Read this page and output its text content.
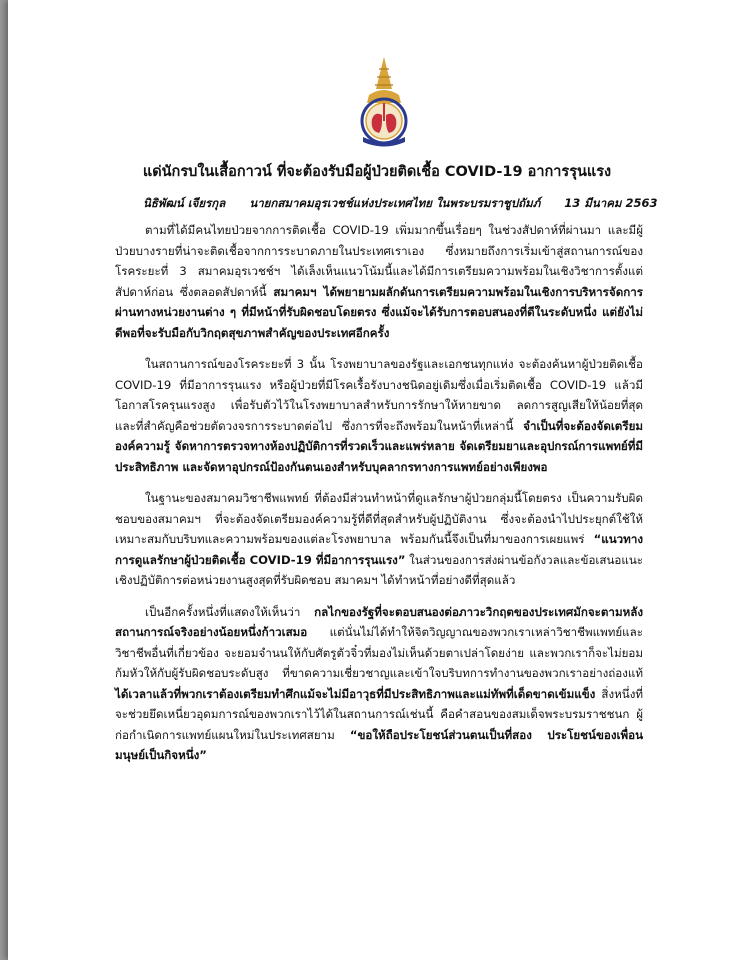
แด่นักรบในเสื้อกาวน์ ที่จะต้องรับมือผู้ป่วยติดเชื้อ COVID-19 อาการรุนแรง
นิธิพัฒน์ เจียรกุล นายกสมาคมอุรเวชช์แห่งประเทศไทย ในพระบรมราชูปถัมภ์ 13 มีนาคม 2563

ตามที่ได้มีคนไทยป่วยจากการติดเชื้อ COVID-19 เพิ่มมากขึ้นเรื่อยๆ ในช่วงสัปดาห์ที่ผ่านมา และมีผู้ป่วยบางรายที่น่าจะติดเชื้อจากการระบาดภายในประเทศเราเอง ซึ่งหมายถึงการเริ่มเข้าสู่สถานการณ์ของโรคระยะที่ 3 สมาคมอุรเวชช์ฯ ได้เล็งเห็นแนวโน้มนี้และได้มีการเตรียมความพร้อมในเชิงวิชาการตั้งแต่สัปดาห์ก่อน ซึ่งตลอดสัปดาห์นี้ สมาคมฯ ได้พยายามผลักดันการเตรียมความพร้อมในเชิงการบริหารจัดการผ่านทางหน่วยงานต่าง ๆ ที่มีหน้าที่รับผิดชอบโดยตรง ซึ่งแม้จะได้รับการตอบสนองที่ดีในระดับหนึ่ง แต่ยังไม่ดีพอที่จะรับมือกับวิกฤตสุขภาพสำคัญของประเทศอีกครั้ง

ในสถานการณ์ของโรคระยะที่ 3 นั้น โรงพยาบาลของรัฐและเอกชนทุกแห่ง จะต้องค้นหาผู้ป่วยติดเชื้อ COVID-19 ที่มีอาการรุนแรง หรือผู้ป่วยที่มีโรคเรื้อรังบางชนิดอยู่เดิมซึ่งเมื่อเริ่มติดเชื้อ COVID-19 แล้วมีโอกาสโรครุนแรงสูง เพื่อรับตัวไว้ในโรงพยาบาลสำหรับการรักษาให้หายขาด ลดการสูญเสียให้น้อยที่สุด และที่สำคัญคือช่วยตัดวงจรการระบาดต่อไป ซึ่งการที่จะถึงพร้อมในหน้าที่เหล่านี้ จำเป็นที่จะต้องจัดเตรียมองค์ความรู้ จัดหาการตรวจทางห้องปฏิบัติการที่รวดเร็วและแพร่หลาย จัดเตรียมยาและอุปกรณ์การแพทย์ที่มีประสิทธิภาพ และจัดหาอุปกรณ์ป้องกันตนเองสำหรับบุคลากรทางการแพทย์อย่างเพียงพอ

ในฐานะของสมาคมวิชาชีพแพทย์ ที่ต้องมีส่วนทำหน้าที่ดูแลรักษาผู้ป่วยกลุ่มนี้โดยตรง เป็นความรับผิดชอบของสมาคมฯ ที่จะต้องจัดเตรียมองค์ความรู้ที่ดีที่สุดสำหรับผู้ปฏิบัติงาน ซึ่งจะต้องนำไปประยุกต์ใช้ให้เหมาะสมกับบริบทและความพร้อมของแต่ละโรงพยาบาล พร้อมกันนี้จึงเป็นที่มาของการเผยแพร่ “แนวทางการดูแลรักษาผู้ป่วยติดเชื้อ COVID-19 ที่มีอาการรุนแรง” ในส่วนของการส่งผ่านข้อกังวลและข้อเสนอแนะเชิงปฏิบัติการต่อหน่วยงานสูงสุดที่รับผิดชอบ สมาคมฯ ได้ทำหน้าที่อย่างดีที่สุดแล้ว

เป็นอีกครั้งหนึ่งที่แสดงให้เห็นว่า กลไกของรัฐที่จะตอบสนองต่อภาวะวิกฤตของประเทศมักจะตามหลังสถานการณ์จริงอย่างน้อยหนึ่งก้าวเสมอ แต่นั่นไม่ได้ทำให้จิตวิญญาณของพวกเราเหล่าวิชาชีพแพทย์และวิชาชีพอื่นที่เกี่ยวข้อง จะยอมจำนนให้กับศัตรูตัวจิ๋วที่มองไม่เห็นด้วยตาเปล่าโดยง่าย และพวกเราก็จะไม่ยอมก้มหัวให้กับผู้รับผิดชอบระดับสูง ที่ขาดความเชี่ยวชาญและเข้าใจบริบทการทำงานของพวกเราอย่างถ่องแท้ ได้เวลาแล้วที่พวกเราต้องเตรียมทำศึกแม้จะไม่มีอาวุธที่มีประสิทธิภาพและแม่ทัพที่เด็ดขาดเข้มแข็ง สิ่งหนึ่งที่จะช่วยยึดเหนี่ยวอุดมการณ์ของพวกเราไว้ได้ในสถานการณ์เช่นนี้ คือคำสอนของสมเด็จพระบรมราชชนก ผู้ก่อกำเนิดการแพทย์แผนใหม่ในประเทศสยาม “ขอให้ถือประโยชน์ส่วนตนเป็นที่สอง ประโยชน์ของเพื่อนมนุษย์เป็นกิจหนึ่ง”
